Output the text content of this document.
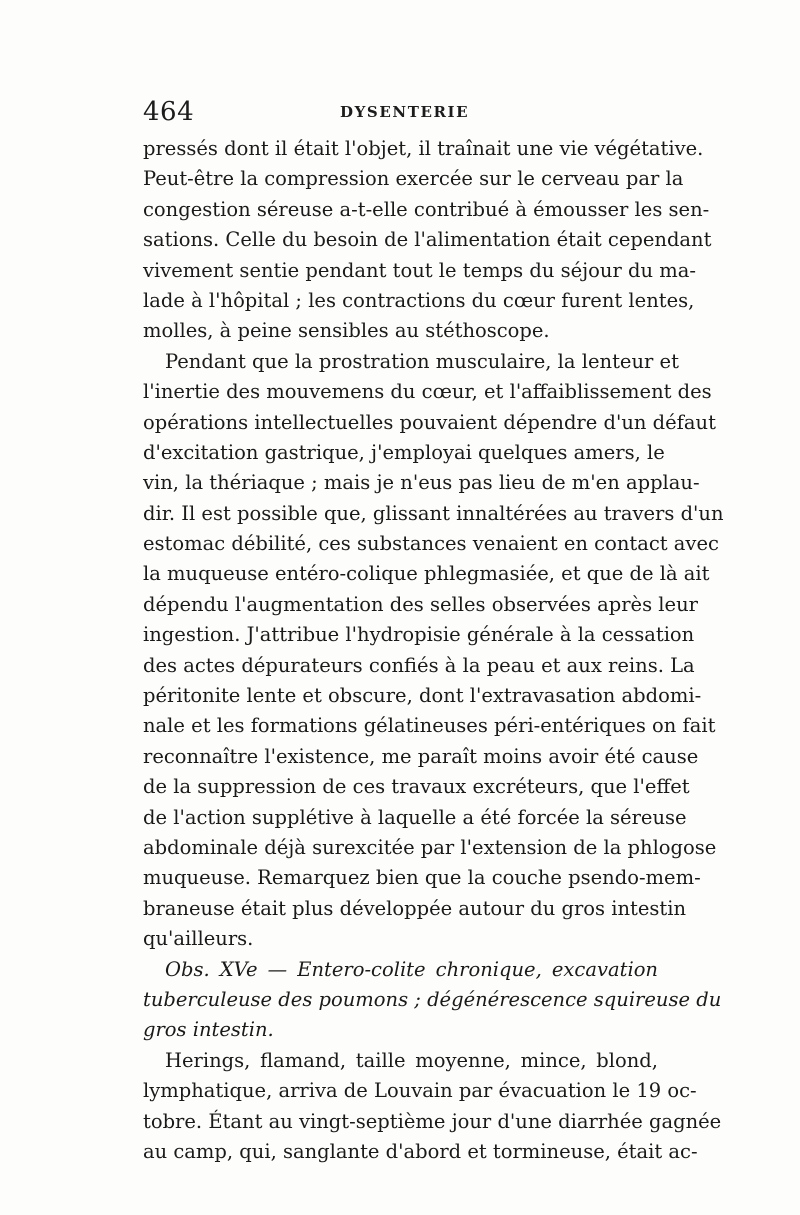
464	DYSENTERIE
pressés dont il était l'objet, il traînait une vie végétative.
Peut-être la compression exercée sur le cerveau par la
congestion séreuse a-t-elle contribué à émousser les sen-
sations. Celle du besoin de l'alimentation était cependant
vivement sentie pendant tout le temps du séjour du ma-
lade à l'hôpital ; les contractions du cœur furent lentes,
molles, à peine sensibles au stéthoscope.
Pendant que la prostration musculaire, la lenteur et
l'inertie des mouvemens du cœur, et l'affaiblissement des
opérations intellectuelles pouvaient dépendre d'un défaut
d'excitation gastrique, j'employai quelques amers, le
vin, la thériaque ; mais je n'eus pas lieu de m'en applau-
dir. Il est possible que, glissant innaltérées au travers d'un
estomac débilité, ces substances venaient en contact avec
la muqueuse entéro-colique phlegmasiée, et que de là ait
dépendu l'augmentation des selles observées après leur
ingestion. J'attribue l'hydropisie générale à la cessation
des actes dépurateurs confiés à la peau et aux reins. La
péritonite lente et obscure, dont l'extravasation abdomi-
nale et les formations gélatineuses péri-entériques on fait
reconnaître l'existence, me paraît moins avoir été cause
de la suppression de ces travaux excréteurs, que l'effet
de l'action supplétive à laquelle a été forcée la séreuse
abdominale déjà surexcitée par l'extension de la phlogose
muqueuse. Remarquez bien que la couche psendo-mem-
braneuse était plus développée autour du gros intestin
qu'ailleurs.
Obs. XVe — Entero-colite chronique, excavation
tuberculeuse des poumons ; dégénérescence squireuse du
gros intestin.
Herings, flamand, taille moyenne, mince, blond,
lymphatique, arriva de Louvain par évacuation le 19 oc-
tobre. Étant au vingt-septième jour d'une diarrhée gagnée
au camp, qui, sanglante d'abord et tormineuse, était ac-
